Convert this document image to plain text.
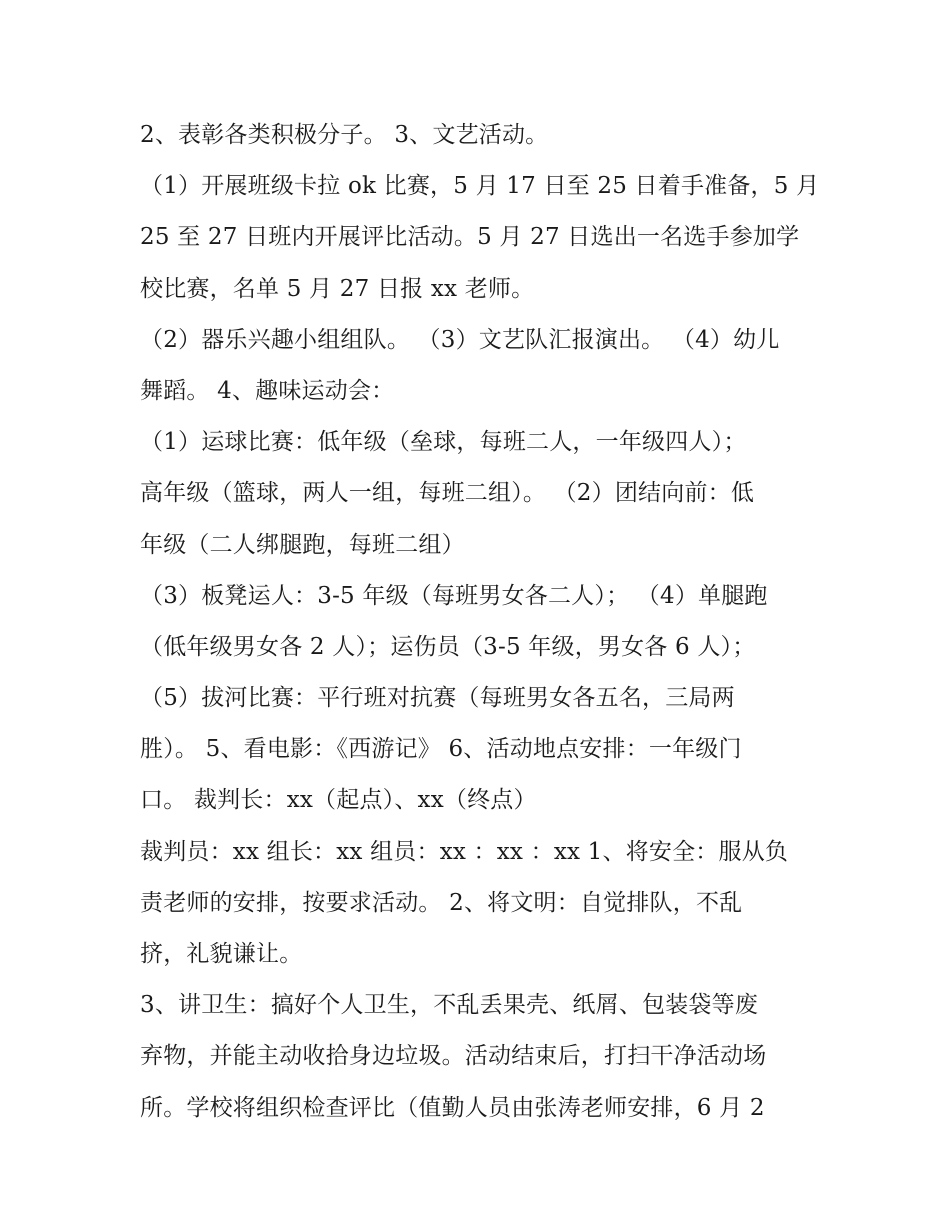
2、表彰各类积极分子。 3、文艺活动。
（1）开展班级卡拉 ok 比赛，5 月 17 日至 25 日着手准备，5 月
25 至 27 日班内开展评比活动。5 月 27 日选出一名选手参加学
校比赛，名单 5 月 27 日报 xx 老师。
（2）器乐兴趣小组组队。 （3）文艺队汇报演出。 （4）幼儿
舞蹈。 4、趣味运动会：
（1）运球比赛：低年级（垒球，每班二人，一年级四人）；
高年级（篮球，两人一组，每班二组）。 （2）团结向前：低
年级（二人绑腿跑，每班二组）
（3）板凳运人：3-5 年级（每班男女各二人）； （4）单腿跑
（低年级男女各 2 人）；运伤员（3-5 年级，男女各 6 人）；
（5）拔河比赛：平行班对抗赛（每班男女各五名，三局两
胜）。 5、看电影：《西游记》 6、活动地点安排：一年级门
口。 裁判长：xx（起点）、xx（终点）
裁判员：xx 组长：xx 组员：xx ：xx ：xx 1、将安全：服从负
责老师的安排，按要求活动。 2、将文明：自觉排队，不乱
挤，礼貌谦让。
3、讲卫生：搞好个人卫生，不乱丢果壳、纸屑、包装袋等废
弃物，并能主动收拾身边垃圾。活动结束后，打扫干净活动场
所。学校将组织检查评比（值勤人员由张涛老师安排，6 月 2
